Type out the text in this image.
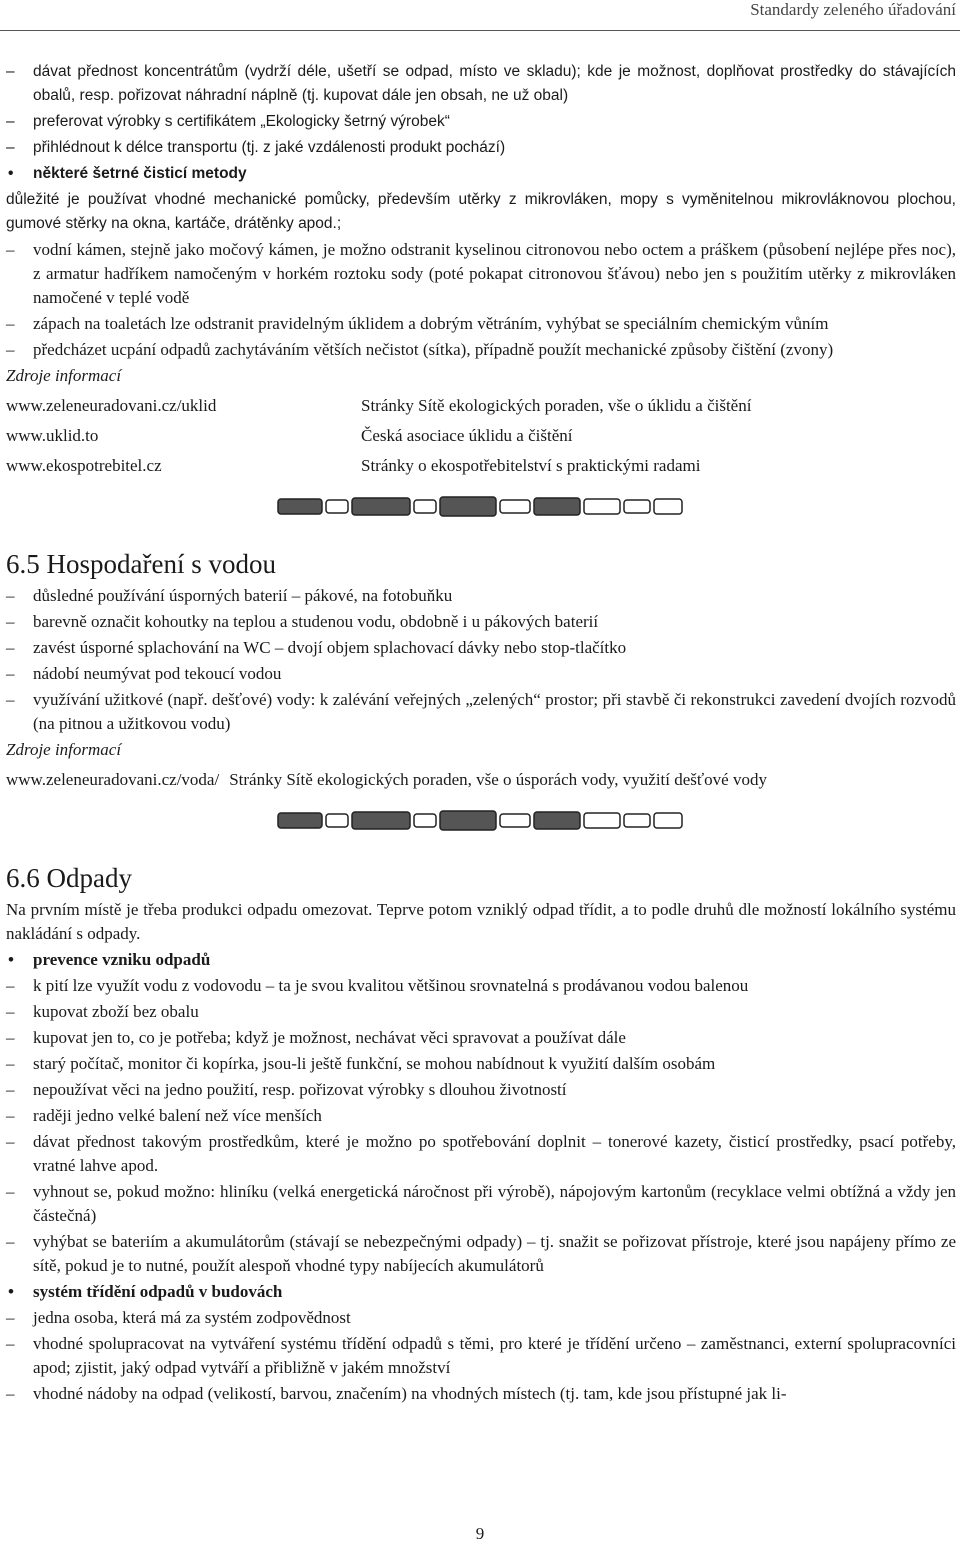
Standardy zeleného úřadování
– dávat přednost koncentrátům (vydrží déle, ušetří se odpad, místo ve skladu); kde je možnost, doplňovat prostředky do stávajících obalů, resp. pořizovat náhradní náplně (tj. kupovat dále jen obsah, ne už obal)
– preferovat výrobky s certifikátem „Ekologicky šetrný výrobek“
– přihlédnout k délce transportu (tj. z jaké vzdálenosti produkt pochází)
• některé šetrné čisticí metody
důležité je používat vhodné mechanické pomůcky, především utěrky z mikrovláken, mopy s vyměnitelnou mikrovláknovou plochou, gumové stěrky na okna, kartáče, drátěnky apod.;
– vodní kámen, stejně jako močový kámen, je možno odstranit kyselinou citronovou nebo octem a práškem (působení nejlépe přes noc), z armatur hadříkem namočeným v horkém roztoku sody (poté pokapat citronovou šťávou) nebo jen s použitím utěrky z mikrovláken namočené v teplé vodě
– zápach na toaletách lze odstranit pravidelným úklidem a dobrým větráním, vyhýbat se speciálním chemickým vůním
– předcházet ucpání odpadů zachytáváním větších nečistot (sítka), případně použít mechanické způsoby čištění (zvony)
Zdroje informací
www.zeleneuradovani.cz/uklid	Stránky Sítě ekologických poraden, vše o úklidu a čištění
www.uklid.to	Česká asociace úklidu a čištění
www.ekospotrebitel.cz	Stránky o ekospotřebitelství s praktickými radami
6.5 Hospodaření s vodou
– důsledné používání úsporných baterií – pákové, na fotobuňku
– barevně označit kohoutky na teplou a studenou vodu, obdobně i u pákových baterií
– zavést úsporné splachování na WC – dvojí objem splachovací dávky nebo stop-tlačítko
– nádobí neumývat pod tekoucí vodou
– využívání užitkové (např. dešťové) vody: k zalévání veřejných „zelených“ prostor; při stavbě či rekonstrukci zavedení dvojích rozvodů (na pitnou a užitkovou vodu)
Zdroje informací
www.zeleneuradovani.cz/voda/ Stránky Sítě ekologických poraden, vše o úsporách vody, využití dešťové vody
6.6 Odpady
Na prvním místě je třeba produkci odpadu omezovat. Teprve potom vzniklý odpad třídit, a to podle druhů dle možností lokálního systému nakládání s odpady.
• prevence vzniku odpadů
– k pití lze využít vodu z vodovodu – ta je svou kvalitou většinou srovnatelná s prodávanou vodou balenou
– kupovat zboží bez obalu
– kupovat jen to, co je potřeba; když je možnost, nechávat věci spravovat a používat dále
– starý počítač, monitor či kopírka, jsou-li ještě funkční, se mohou nabídnout k využití dalším osobám
– nepoužívat věci na jedno použití, resp. pořizovat výrobky s dlouhou životností
– raději jedno velké balení než více menších
– dávat přednost takovým prostředkům, které je možno po spotřebování doplnit – tonerové kazety, čisticí prostředky, psací potřeby, vratné lahve apod.
– vyhnout se, pokud možno: hliníku (velká energetická náročnost při výrobě), nápojovým kartonům (recyklace velmi obtížná a vždy jen částečná)
– vyhýbat se bateriím a akumulátorům (stávají se nebezpečnými odpady) – tj. snažit se pořizovat přístroje, které jsou napájeny přímo ze sítě, pokud je to nutné, použít alespoň vhodné typy nabíjecích akumulátorů
• systém třídění odpadů v budovách
– jedna osoba, která má za systém zodpovědnost
– vhodné spolupracovat na vytváření systému třídění odpadů s těmi, pro které je třídění určeno – zaměstnanci, externí spolupracovníci apod; zjistit, jaký odpad vytváří a přibližně v jakém množství
– vhodné nádoby na odpad (velikostí, barvou, značením) na vhodných místech (tj. tam, kde jsou přístupné jak li-
9
